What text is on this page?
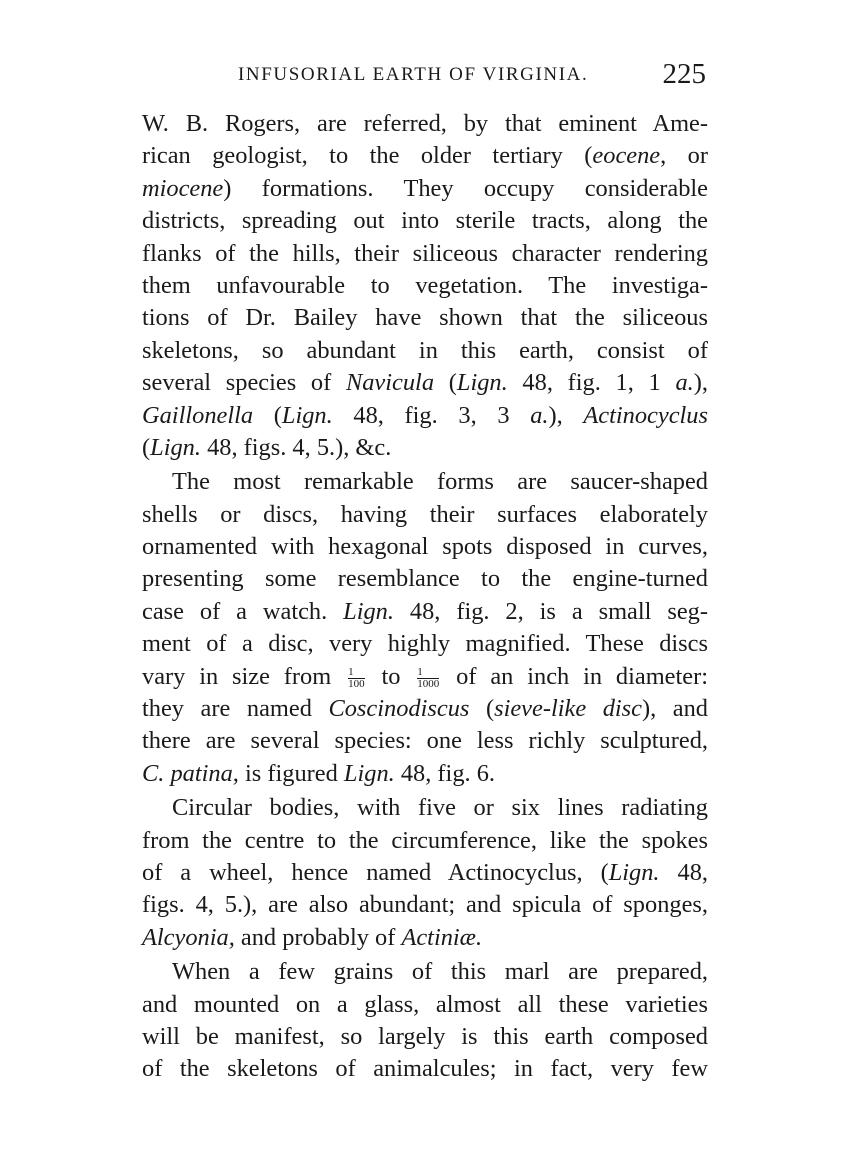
INFUSORIAL EARTH OF VIRGINIA.	225
W. B. Rogers, are referred, by that eminent Ame-
rican geologist, to the older tertiary (eocene, or
miocene) formations. They occupy considerable
districts, spreading out into sterile tracts, along the
flanks of the hills, their siliceous character rendering
them unfavourable to vegetation. The investiga-
tions of Dr. Bailey have shown that the siliceous
skeletons, so abundant in this earth, consist of
several species of Navicula (Lign. 48, fig. 1, 1 a.),
Gaillonella (Lign. 48, fig. 3, 3 a.), Actinocyclus
(Lign. 48, figs. 4, 5.), &c.
The most remarkable forms are saucer-shaped
shells or discs, having their surfaces elaborately
ornamented with hexagonal spots disposed in curves,
presenting some resemblance to the engine-turned
case of a watch. Lign. 48, fig. 2, is a small seg-
ment of a disc, very highly magnified. These discs
vary in size from $\frac{1}{100}$ to $\frac{1}{1000}$ of an inch in diameter:
they are named Coscinodiscus (sieve-like disc), and
there are several species: one less richly sculptured,
C. patina, is figured Lign. 48, fig. 6.
Circular bodies, with five or six lines radiating
from the centre to the circumference, like the spokes
of a wheel, hence named Actinocyclus, (Lign. 48,
figs. 4, 5.), are also abundant; and spicula of sponges,
Alcyonia, and probably of Actiniæ.
When a few grains of this marl are prepared,
and mounted on a glass, almost all these varieties
will be manifest, so largely is this earth composed
of the skeletons of animalcules; in fact, very few
